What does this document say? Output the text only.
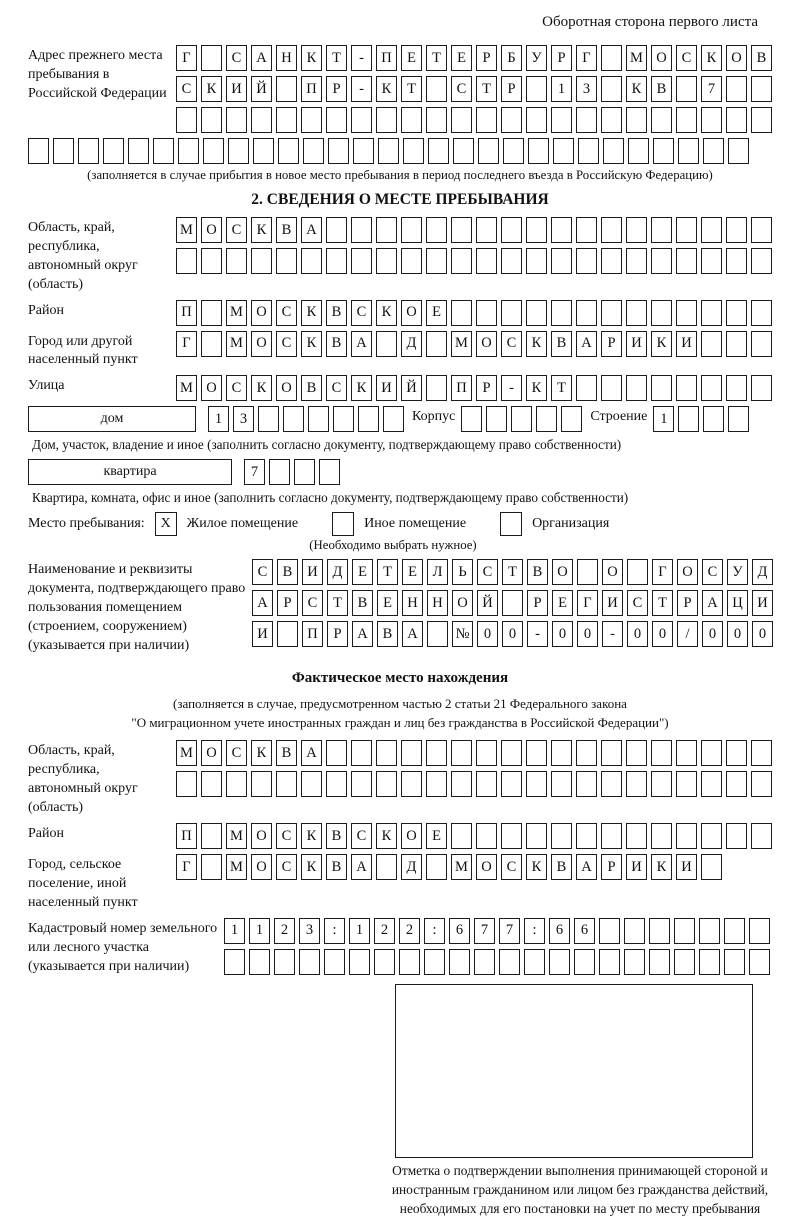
Оборотная сторона первого листа
Адрес прежнего места пребывания в Российской Федерации
Г	С	А	Н	К	Т	-	П	Е	Т	Е	Р	Б	У	Р	Г	М О	С	К	О	В
С	К	И	Й	П	Р	-	К	Т	С	Т	Р	1	3	К	В	7
(заполняется в случае прибытия в новое место пребывания в период последнего въезда в Российскую Федерацию)
2. СВЕДЕНИЯ О МЕСТЕ ПРЕБЫВАНИЯ
Область, край, республика, автономный округ (область)
М О	С	К	В	А
Район	П	М О	С	К	В	С	К	О	Е
Город или другой населенный пункт
Г	М О	С	К	В	А	Д	М О	С	К	В	А	Р	И	К	И
Улица	М О	С	К	О	В	С	К	И	Й	П	Р	-	К	Т
дом	1	3	Корпус	Строение 1
Дом, участок, владение и иное (заполнить согласно документу, подтверждающему право собственности)
квартира	7
Квартира, комната, офис и иное (заполнить согласно документу, подтверждающему право собственности)
Место пребывания:	X	Жилое помещение	Иное помещение	Организация
(Необходимо выбрать нужное)
Наименование и реквизиты документа, подтверждающего право пользования помещением (строением, сооружением) (указывается при наличии)
С	В	И	Д	Е	Т	Е	Л	Ь	С	Т	В	О	О	Г	О	С	У	Д
А	Р	С	Т	В	Е	Н	Н	О	Й	Р	Е	Г	И	С	Т	Р	А	Ц	И
И	П	Р	А	В	А	№ 0	0	-	0	0	-	0	0	/	0	0	0
Фактическое место нахождения
(заполняется в случае, предусмотренном частью 2 статьи 21 Федерального закона
"О миграционном учете иностранных граждан и лиц без гражданства в Российской Федерации")
Область, край, республика, автономный округ (область)
М О	С	К	В	А
Район	П	М О	С	К	В	С	К	О	Е
Город, сельское поселение, иной населенный пункт
Г	М О	С	К	В	А	Д	М О	С	К	В	А	Р	И	К	И
Кадастровый номер земельного или лесного участка (указывается при наличии)
1	1	2	3	:	1	2	2	:	6	7	7	:	6	6
Отметка о подтверждении выполнения принимающей стороной и иностранным гражданином или лицом без гражданства действий, необходимых для его постановки на учет по месту пребывания
